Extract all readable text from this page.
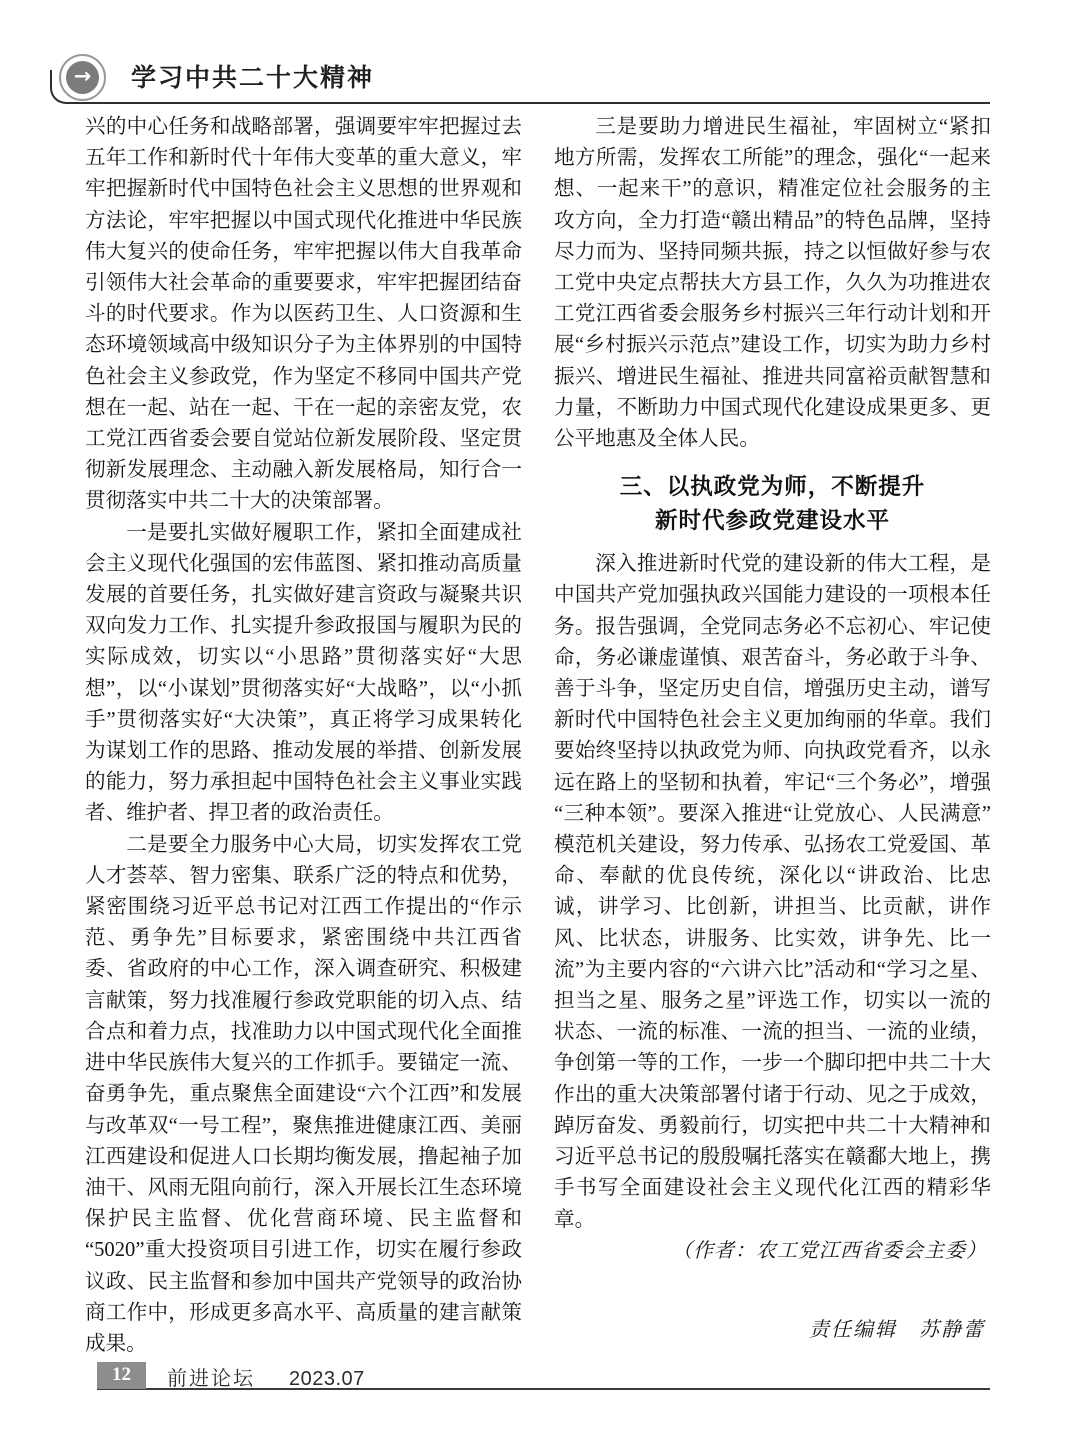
→	学习中共二十大精神

兴的中心任务和战略部署，强调要牢牢把握过去五年工作和新时代十年伟大变革的重大意义，牢牢把握新时代中国特色社会主义思想的世界观和方法论，牢牢把握以中国式现代化推进中华民族伟大复兴的使命任务，牢牢把握以伟大自我革命引领伟大社会革命的重要要求，牢牢把握团结奋斗的时代要求。作为以医药卫生、人口资源和生态环境领域高中级知识分子为主体界别的中国特色社会主义参政党，作为坚定不移同中国共产党想在一起、站在一起、干在一起的亲密友党，农工党江西省委会要自觉站位新发展阶段、坚定贯彻新发展理念、主动融入新发展格局，知行合一贯彻落实中共二十大的决策部署。

一是要扎实做好履职工作，紧扣全面建成社会主义现代化强国的宏伟蓝图、紧扣推动高质量发展的首要任务，扎实做好建言资政与凝聚共识双向发力工作、扎实提升参政报国与履职为民的实际成效，切实以“小思路”贯彻落实好“大思想”，以“小谋划”贯彻落实好“大战略”，以“小抓手”贯彻落实好“大决策”，真正将学习成果转化为谋划工作的思路、推动发展的举措、创新发展的能力，努力承担起中国特色社会主义事业实践者、维护者、捍卫者的政治责任。

二是要全力服务中心大局，切实发挥农工党人才荟萃、智力密集、联系广泛的特点和优势，紧密围绕习近平总书记对江西工作提出的“作示范、勇争先”目标要求，紧密围绕中共江西省委、省政府的中心工作，深入调查研究、积极建言献策，努力找准履行参政党职能的切入点、结合点和着力点，找准助力以中国式现代化全面推进中华民族伟大复兴的工作抓手。要锚定一流、奋勇争先，重点聚焦全面建设“六个江西”和发展与改革双“一号工程”，聚焦推进健康江西、美丽江西建设和促进人口长期均衡发展，撸起袖子加油干、风雨无阻向前行，深入开展长江生态环境保护民主监督、优化营商环境、民主监督和“5020”重大投资项目引进工作，切实在履行参政议政、民主监督和参加中国共产党领导的政治协商工作中，形成更多高水平、高质量的建言献策成果。

三是要助力增进民生福祉，牢固树立“紧扣地方所需，发挥农工所能”的理念，强化“一起来想、一起来干”的意识，精准定位社会服务的主攻方向，全力打造“赣出精品”的特色品牌，坚持尽力而为、坚持同频共振，持之以恒做好参与农工党中央定点帮扶大方县工作，久久为功推进农工党江西省委会服务乡村振兴三年行动计划和开展“乡村振兴示范点”建设工作，切实为助力乡村振兴、增进民生福祉、推进共同富裕贡献智慧和力量，不断助力中国式现代化建设成果更多、更公平地惠及全体人民。

三、以执政党为师，不断提升
新时代参政党建设水平

深入推进新时代党的建设新的伟大工程，是中国共产党加强执政兴国能力建设的一项根本任务。报告强调，全党同志务必不忘初心、牢记使命，务必谦虚谨慎、艰苦奋斗，务必敢于斗争、善于斗争，坚定历史自信，增强历史主动，谱写新时代中国特色社会主义更加绚丽的华章。我们要始终坚持以执政党为师、向执政党看齐，以永远在路上的坚韧和执着，牢记“三个务必”，增强“三种本领”。要深入推进“让党放心、人民满意”模范机关建设，努力传承、弘扬农工党爱国、革命、奉献的优良传统，深化以“讲政治、比忠诚，讲学习、比创新，讲担当、比贡献，讲作风、比状态，讲服务、比实效，讲争先、比一流”为主要内容的“六讲六比”活动和“学习之星、担当之星、服务之星”评选工作，切实以一流的状态、一流的标准、一流的担当、一流的业绩，争创第一等的工作，一步一个脚印把中共二十大作出的重大决策部署付诸于行动、见之于成效，踔厉奋发、勇毅前行，切实把中共二十大精神和习近平总书记的殷殷嘱托落实在赣鄱大地上，携手书写全面建设社会主义现代化江西的精彩华章。

（作者：农工党江西省委会主委）
责任编辑　苏静蕾
12	前进论坛 2023.07
